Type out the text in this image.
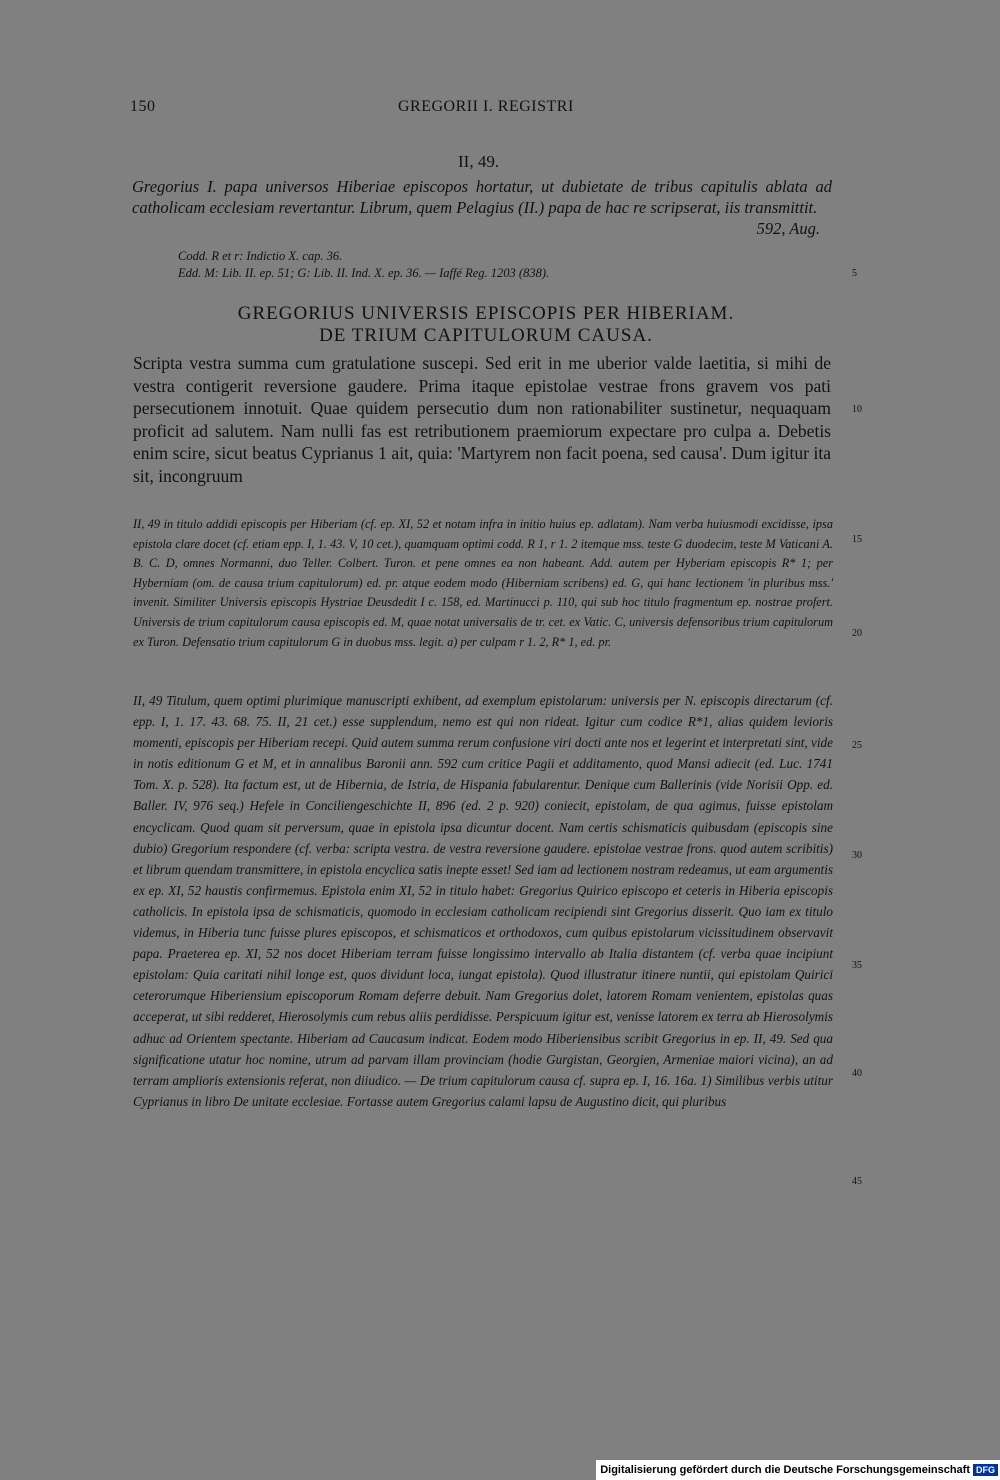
150	GREGORII I. REGISTRI
II, 49.
Gregorius I. papa universos Hiberiae episcopos hortatur, ut dubietate de tribus capitulis ablata ad catholicam ecclesiam revertantur. Librum, quem Pelagius (II.) papa de hac re scripserat, iis transmittit.
592, Aug.
Codd. R et r: Indictio X. cap. 36.
Edd. M: Lib. II. ep. 51; G: Lib. II. Ind. X. ep. 36. — Iaffé Reg. 1203 (838).	5
GREGORIUS UNIVERSIS EPISCOPIS PER HIBERIAM.
DE TRIUM CAPITULORUM CAUSA.
Scripta vestra summa cum gratulatione suscepi. Sed erit in me uberior valde laetitia, si mihi de vestra contigerit reversione gaudere. Prima itaque epistolae vestrae frons gravem vos pati persecutionem innotuit. Quae quidem persecutio dum non rationabiliter sustinetur, nequaquam proficit ad salutem. Nam nulli fas est retributionem praemiorum expectare pro culpa a. Debetis enim scire, sicut beatus Cyprianus 1 ait, quia: 'Martyrem non facit poena, sed causa'. Dum igitur ita sit, incongruum
10
II, 49 in titulo addidi episcopis per Hiberiam (cf. ep. XI, 52 et notam infra in initio huius ep. adlatam). Nam verba huiusmodi excidisse, ipsa epistola clare docet (cf. etiam epp. I, 1. 43. V, 10 cet.), quamquam optimi codd. R 1, r 1. 2 itemque mss. teste G duodecim, teste M Vaticani A. B. C. D, omnes Normanni, duo Teller. Colbert. Turon. et pene omnes ea non habeant. Add. autem per Hyberiam episcopis R* 1; per Hyberniam (om. de causa trium capitulorum) ed. pr. atque eodem modo (Hiberniam scribens) ed. G, qui hanc lectionem 'in pluribus mss.' invenit. Similiter Universis episcopis Hystriae Deusdedit I c. 158, ed. Martinucci p. 110, qui sub hoc titulo fragmentum ep. nostrae profert. Universis de trium capitulorum causa episcopis ed. M, quae notat universalis de tr. cet. ex Vatic. C, universis defensoribus trium capitulorum ex Turon. Defensatio trium capitulorum G in duobus mss. legit. a) per culpam r 1. 2, R* 1, ed. pr.
15
20
II, 49 Titulum, quem optimi plurimique manuscripti exhibent, ad exemplum epistolarum: universis per N. episcopis directarum (cf. epp. I, 1. 17. 43. 68. 75. II, 21 cet.) esse supplendum, nemo est qui non rideat. Igitur cum codice R*1, alias quidem levioris momenti, episcopis per Hiberiam recepi. Quid autem summa rerum confusione viri docti ante nos et legerint et interpretati sint, vide in notis editionum G et M, et in annalibus Baronii ann. 592 cum critice Pagii et additamento, quod Mansi adiecit (ed. Luc. 1741 Tom. X. p. 528). Ita factum est, ut de Hibernia, de Istria, de Hispania fabularentur. Denique cum Ballerinis (vide Norisii Opp. ed. Baller. IV, 976 seq.) Hefele in Conciliengeschichte II, 896 (ed. 2 p. 920) coniecit, epistolam, de qua agimus, fuisse epistolam encyclicam. Quod quam sit perversum, quae in epistola ipsa dicuntur docent. Nam certis schismaticis quibusdam (episcopis sine dubio) Gregorium respondere (cf. verba: scripta vestra. de vestra reversione gaudere. epistolae vestrae frons. quod autem scribitis) et librum quendam transmittere, in epistola encyclica satis inepte esset! Sed iam ad lectionem nostram redeamus, ut eam argumentis ex ep. XI, 52 haustis confirmemus. Epistola enim XI, 52 in titulo habet: Gregorius Quirico episcopo et ceteris in Hiberia episcopis catholicis. In epistola ipsa de schismaticis, quomodo in ecclesiam catholicam recipiendi sint Gregorius disserit. Quo iam ex titulo videmus, in Hiberia tunc fuisse plures episcopos, et schismaticos et orthodoxos, cum quibus epistolarum vicissitudinem observavit papa. Praeterea ep. XI, 52 nos docet Hiberiam terram fuisse longissimo intervallo ab Italia distantem (cf. verba quae incipiunt epistolam: Quia caritati nihil longe est, quos dividunt loca, iungat epistola). Quod illustratur itinere nuntii, qui epistolam Quirici ceterorumque Hiberiensium episcoporum Romam deferre debuit. Nam Gregorius dolet, latorem Romam venientem, epistolas quas acceperat, ut sibi redderet, Hierosolymis cum rebus aliis perdidisse. Perspicuum igitur est, venisse latorem ex terra ab Hierosolymis adhuc ad Orientem spectante. Hiberiam ad Caucasum indicat. Eodem modo Hiberiensibus scribit Gregorius in ep. II, 49. Sed qua significatione utatur hoc nomine, utrum ad parvam illam provinciam (hodie Gurgistan, Georgien, Armeniae maiori vicina), an ad terram amplioris extensionis referat, non diiudico. — De trium capitulorum causa cf. supra ep. I, 16. 16a. 1) Similibus verbis utitur Cyprianus in libro De unitate ecclesiae. Fortasse autem Gregorius calami lapsu de Augustino dicit, qui pluribus
25
30
35
40
45
Digitalisierung gefördert durch die Deutsche Forschungsgemeinschaft DFG
